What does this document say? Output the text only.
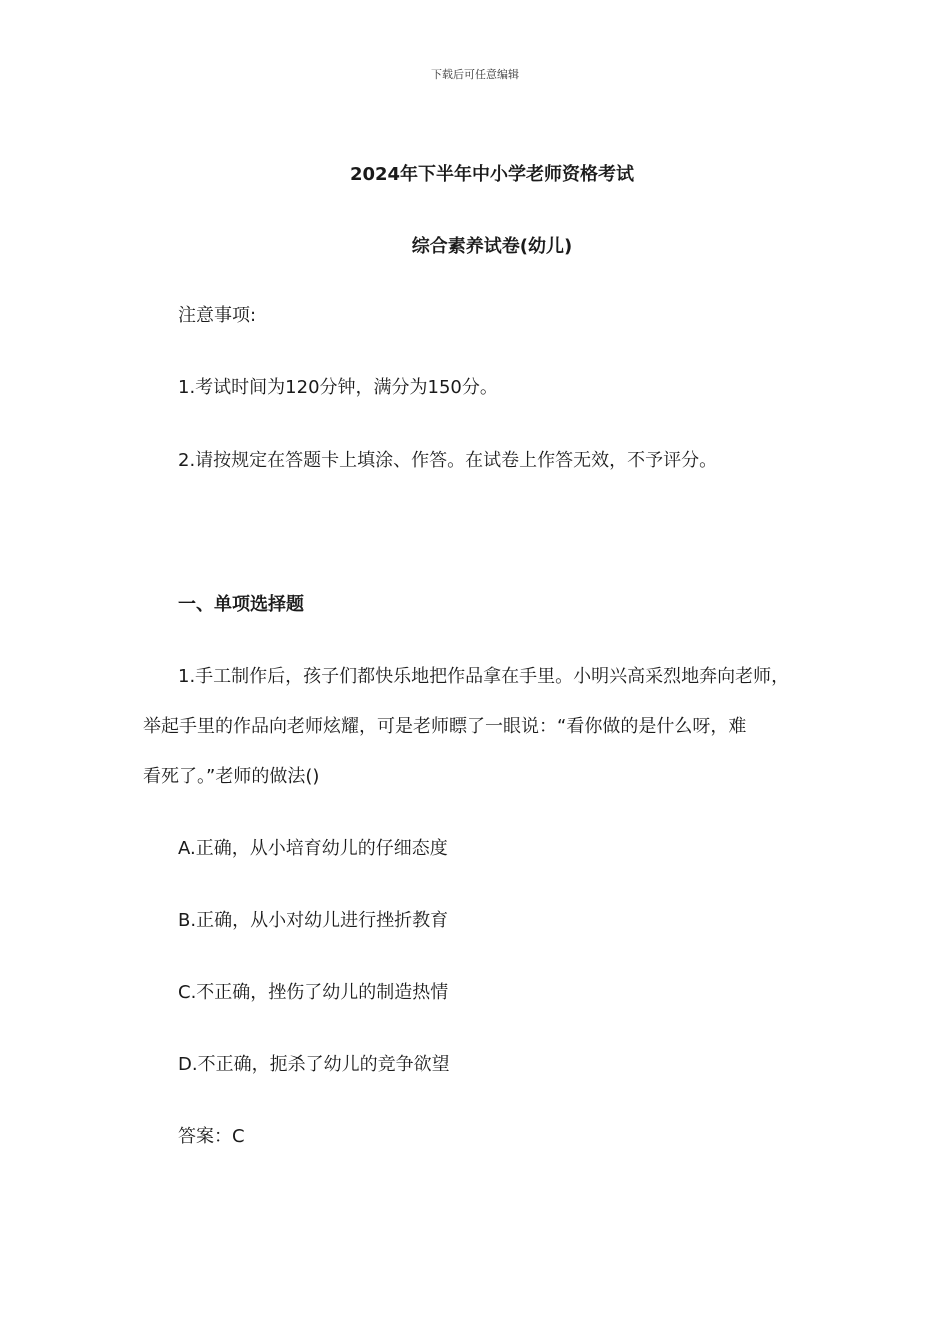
下载后可任意编辑
2024年下半年中小学老师资格考试
综合素养试卷(幼儿)
注意事项:
1.考试时间为120分钟，满分为150分。
2.请按规定在答题卡上填涂、作答。在试卷上作答无效，不予评分。
一、单项选择题
1.手工制作后，孩子们都快乐地把作品拿在手里。小明兴高采烈地奔向老师，
举起手里的作品向老师炫耀，可是老师瞟了一眼说：“看你做的是什么呀，难
看死了。”老师的做法()
A.正确，从小培育幼儿的仔细态度
B.正确，从小对幼儿进行挫折教育
C.不正确，挫伤了幼儿的制造热情
D.不正确，扼杀了幼儿的竞争欲望
答案：C
